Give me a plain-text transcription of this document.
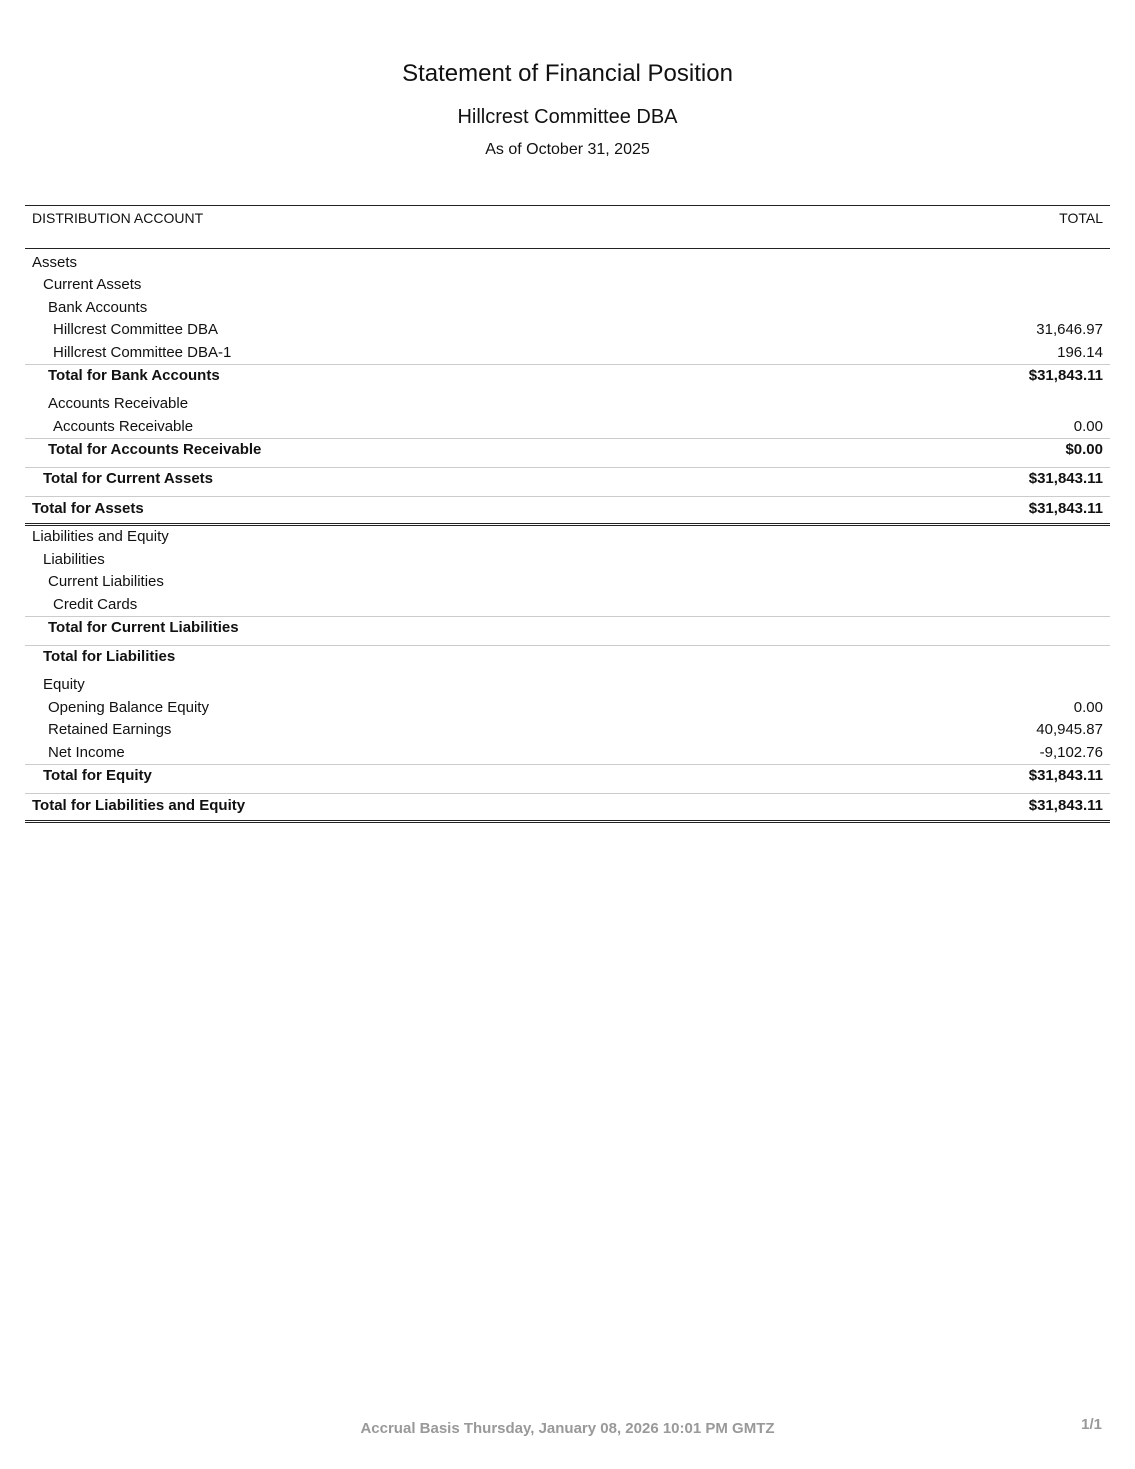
Statement of Financial Position
Hillcrest Committee DBA
As of October 31, 2025
DISTRIBUTION ACCOUNT	TOTAL
Assets
Current Assets
Bank Accounts
Hillcrest Committee DBA	31,646.97
Hillcrest Committee DBA-1	196.14
Total for Bank Accounts	$31,843.11
Accounts Receivable
Accounts Receivable	0.00
Total for Accounts Receivable	$0.00
Total for Current Assets	$31,843.11
Total for Assets	$31,843.11
Liabilities and Equity
Liabilities
Current Liabilities
Credit Cards
Total for Current Liabilities
Total for Liabilities
Equity
Opening Balance Equity	0.00
Retained Earnings	40,945.87
Net Income	-9,102.76
Total for Equity	$31,843.11
Total for Liabilities and Equity	$31,843.11
Accrual Basis Thursday, January 08, 2026 10:01 PM GMTZ	1/1
